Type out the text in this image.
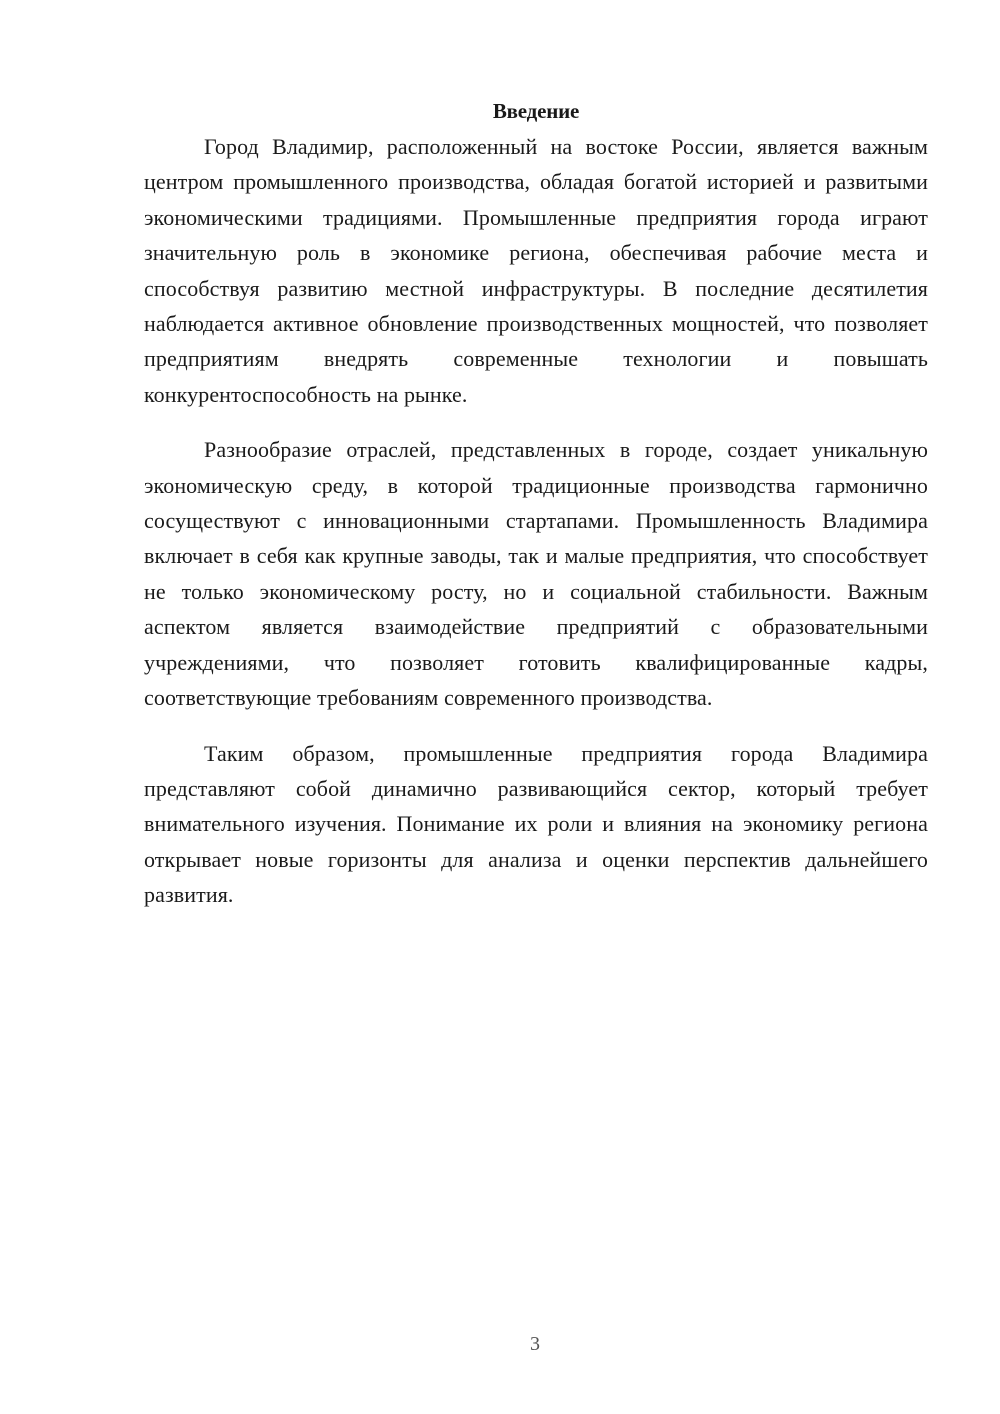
Введение

Город Владимир, расположенный на востоке России, является важным центром промышленного производства, обладая богатой историей и развитыми экономическими традициями. Промышленные предприятия города играют значительную роль в экономике региона, обеспечивая рабочие места и способствуя развитию местной инфраструктуры. В последние десятилетия наблюдается активное обновление производственных мощностей, что позволяет предприятиям внедрять современные технологии и повышать конкурентоспособность на рынке.

Разнообразие отраслей, представленных в городе, создает уникальную экономическую среду, в которой традиционные производства гармонично сосуществуют с инновационными стартапами. Промышленность Владимира включает в себя как крупные заводы, так и малые предприятия, что способствует не только экономическому росту, но и социальной стабильности. Важным аспектом является взаимодействие предприятий с образовательными учреждениями, что позволяет готовить квалифицированные кадры, соответствующие требованиям современного производства.

Таким образом, промышленные предприятия города Владимира представляют собой динамично развивающийся сектор, который требует внимательного изучения. Понимание их роли и влияния на экономику региона открывает новые горизонты для анализа и оценки перспектив дальнейшего развития.

3
